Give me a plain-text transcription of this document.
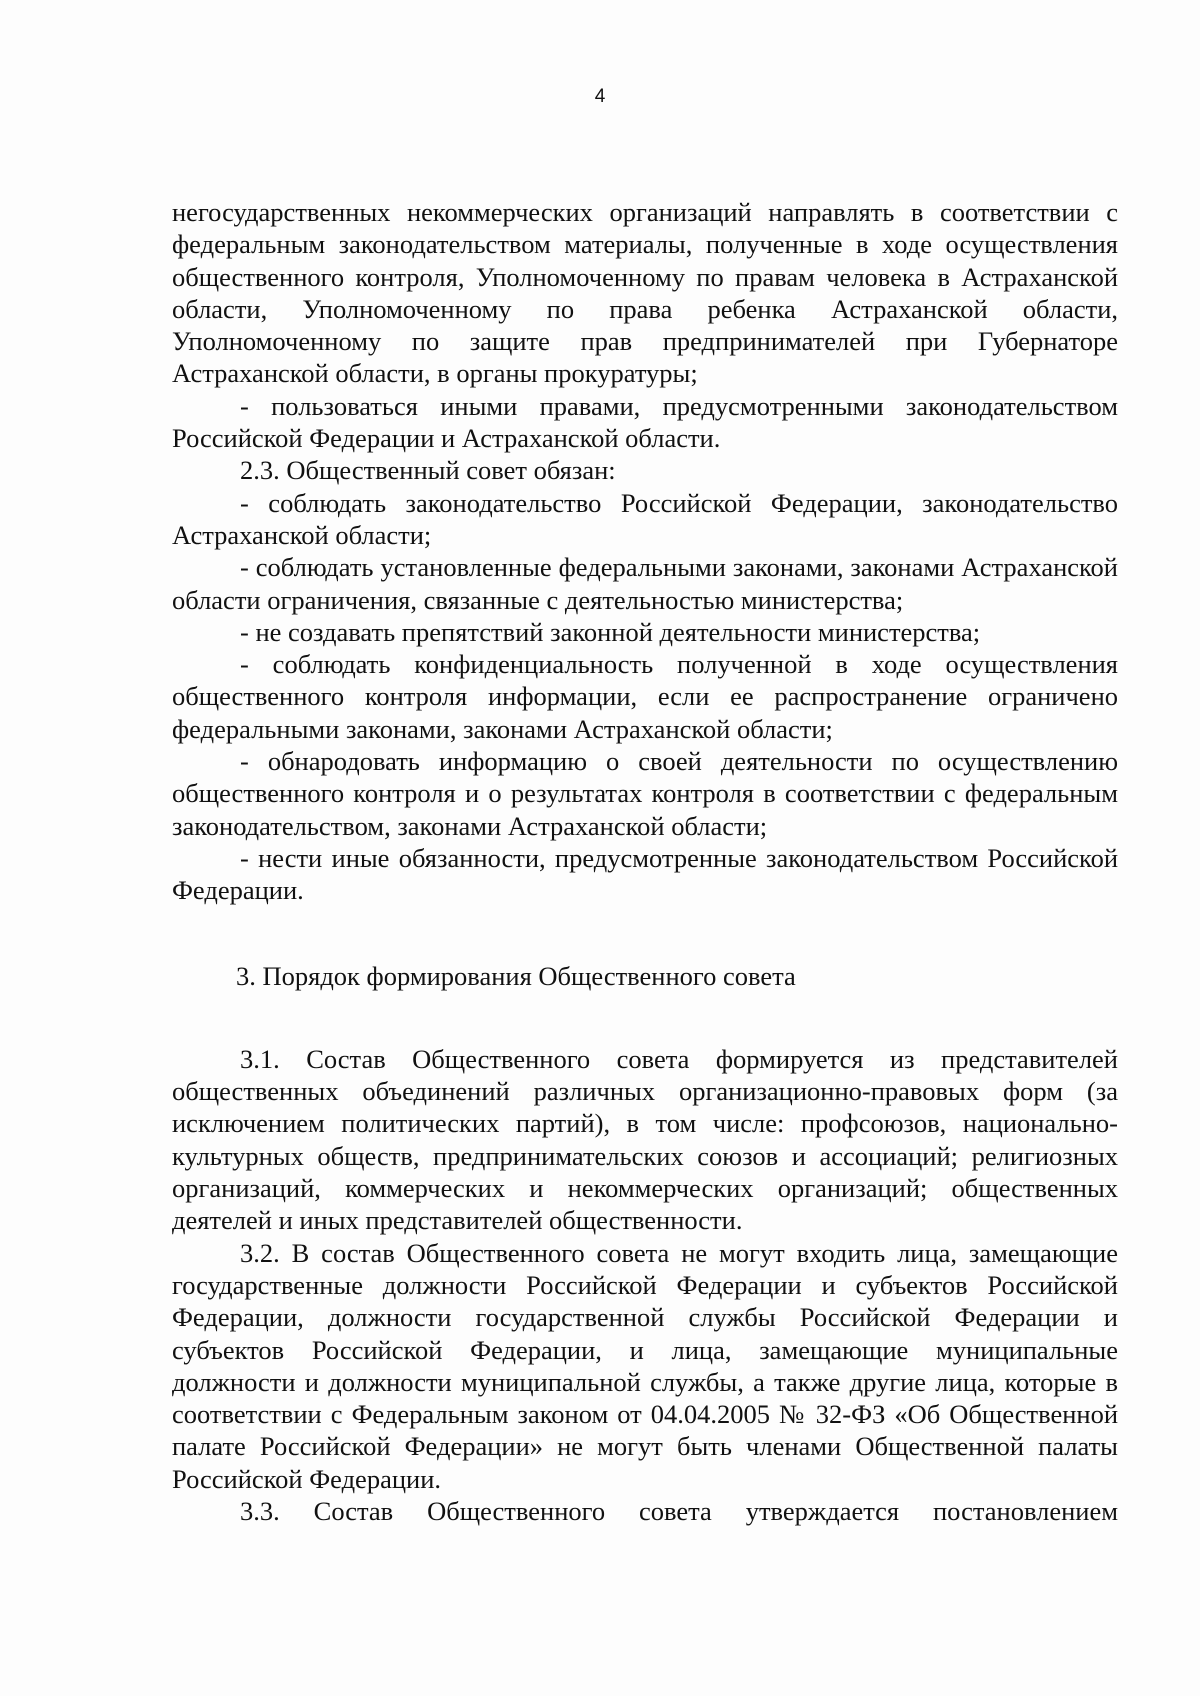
4

негосударственных некоммерческих организаций направлять в соответствии с федеральным законодательством материалы, полученные в ходе осуществления общественного контроля, Уполномоченному по правам человека в Астраханской области, Уполномоченному по права ребенка Астраханской области, Уполномоченному по защите прав предпринимателей при Губернаторе Астраханской области, в органы прокуратуры;

- пользоваться иными правами, предусмотренными законодательством Российской Федерации и Астраханской области.

2.3. Общественный совет обязан:

- соблюдать законодательство Российской Федерации, законодательство Астраханской области;

- соблюдать установленные федеральными законами, законами Астраханской области ограничения, связанные с деятельностью министерства;

- не создавать препятствий законной деятельности министерства;

- соблюдать конфиденциальность полученной в ходе осуществления общественного контроля информации, если ее распространение ограничено федеральными законами, законами Астраханской области;

- обнародовать информацию о своей деятельности по осуществлению общественного контроля и о результатах контроля в соответствии с федеральным законодательством, законами Астраханской области;

- нести иные обязанности, предусмотренные законодательством Российской Федерации.

3. Порядок формирования Общественного совета

3.1. Состав Общественного совета формируется из представителей общественных объединений различных организационно-правовых форм (за исключением политических партий), в том числе: профсоюзов, национально-культурных обществ, предпринимательских союзов и ассоциаций; религиозных организаций, коммерческих и некоммерческих организаций; общественных деятелей и иных представителей общественности.

3.2. В состав Общественного совета не могут входить лица, замещающие государственные должности Российской Федерации и субъектов Российской Федерации, должности государственной службы Российской Федерации и субъектов Российской Федерации, и лица, замещающие муниципальные должности и должности муниципальной службы, а также другие лица, которые в соответствии с Федеральным законом от 04.04.2005 № 32-ФЗ «Об Общественной палате Российской Федерации» не могут быть членами Общественной палаты Российской Федерации.

3.3. Состав Общественного совета утверждается постановлением
